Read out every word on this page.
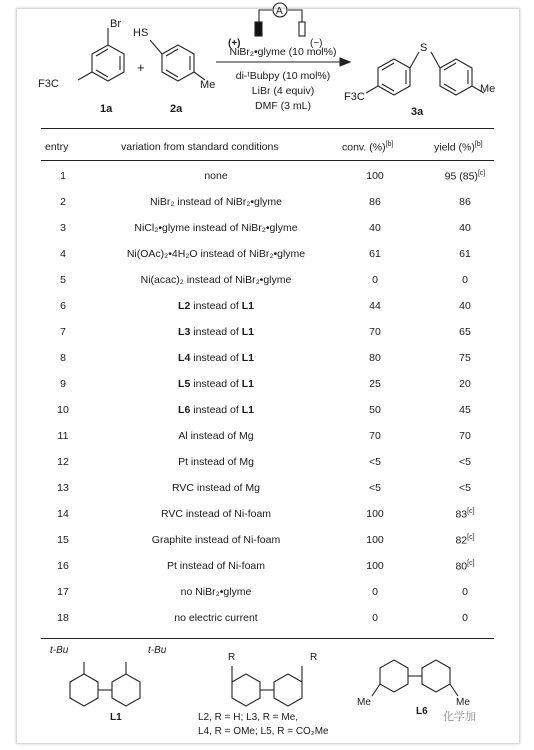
A
Br
F3C
1a
+
HS
Me
2a
(+)	(−)
NiBr₂•glyme (10 mol%)
di-ᵗBubpy (10 mol%)
LiBr (4 equiv)
DMF (3 mL)
S
F3C
Me
3a
entry	variation from standard conditions	conv. (%)[b]	yield (%)[b]
1	none	100	95 (85)[c]
2	NiBr₂ instead of NiBr₂•glyme	86	86
3	NiCl₂•glyme instead of NiBr₂•glyme	40	40
4	Ni(OAc)₂•4H₂O instead of NiBr₂•glyme	61	61
5	Ni(acac)₂ instead of NiBr₂•glyme	0	0
6	L2 instead of L1	44	40
7	L3 instead of L1	70	65
8	L4 instead of L1	80	75
9	L5 instead of L1	25	20
10	L6 instead of L1	50	45
11	Al instead of Mg	70	70
12	Pt instead of Mg	<5	<5
13	RVC instead of Mg	<5	<5
14	RVC instead of Ni-foam	100	83[c]
15	Graphite instead of Ni-foam	100	82[c]
16	Pt instead of Ni-foam	100	80[c]
17	no NiBr₂•glyme	0	0
18	no electric current	0	0
t-Bu	t-Bu
L1
R	R
L2, R = H; L3, R = Me,
L4, R = OMe; L5, R = CO₂Me
Me	Me
L6 化学加
